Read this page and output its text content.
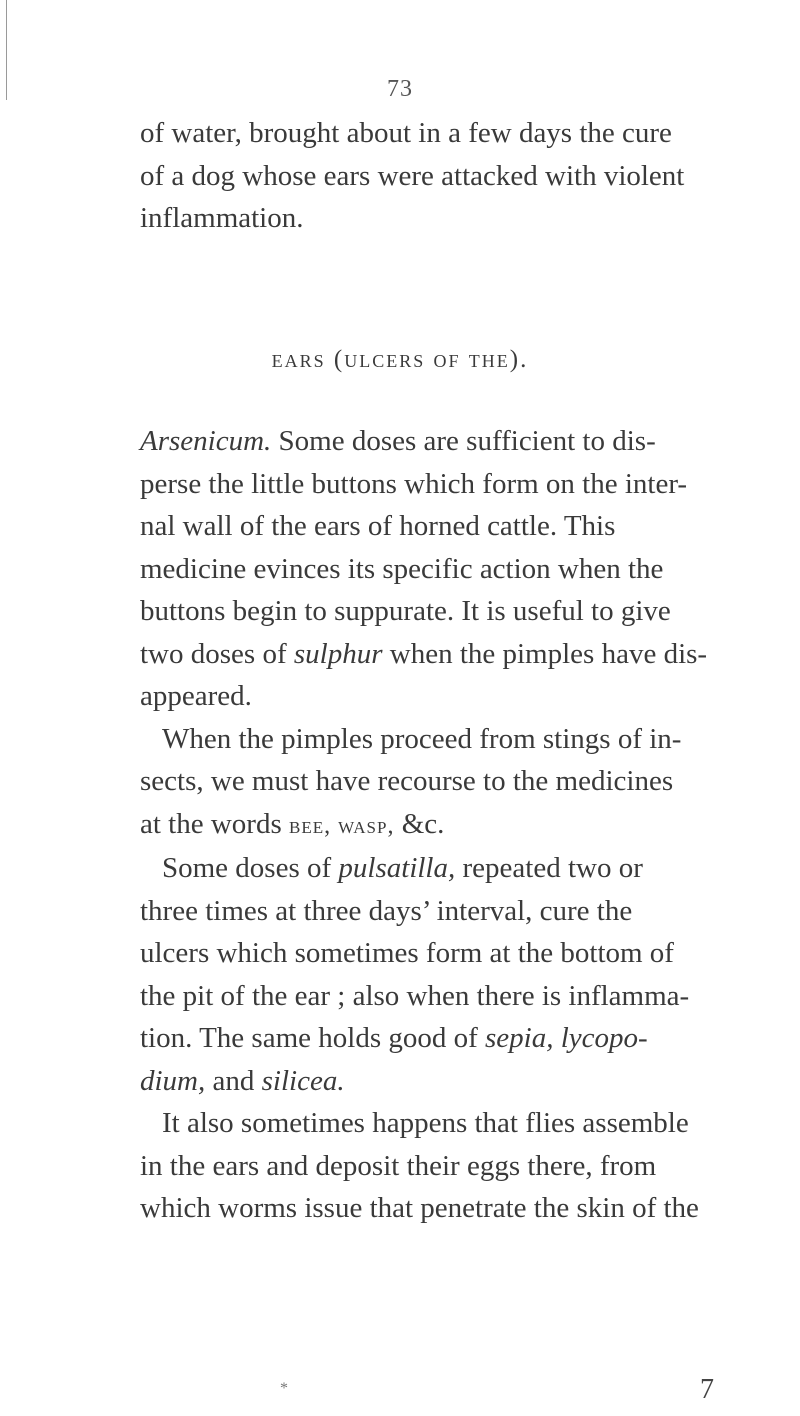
73
of water, brought about in a few days the cure
of a dog whose ears were attacked with violent
inflammation.
ears (ulcers of the).
Arsenicum. Some doses are sufficient to dis-
perse the little buttons which form on the inter-
nal wall of the ears of horned cattle. This
medicine evinces its specific action when the
buttons begin to suppurate. It is useful to give
two doses of sulphur when the pimples have dis-
appeared.
When the pimples proceed from stings of in-
sects, we must have recourse to the medicines
at the words bee, wasp, &c.
Some doses of pulsatilla, repeated two or
three times at three days’ interval, cure the
ulcers which sometimes form at the bottom of
the pit of the ear ; also when there is inflamma-
tion. The same holds good of sepia, lycopo-
dium, and silicea.
It also sometimes happens that flies assemble
in the ears and deposit their eggs there, from
which worms issue that penetrate the skin of the
*	7
